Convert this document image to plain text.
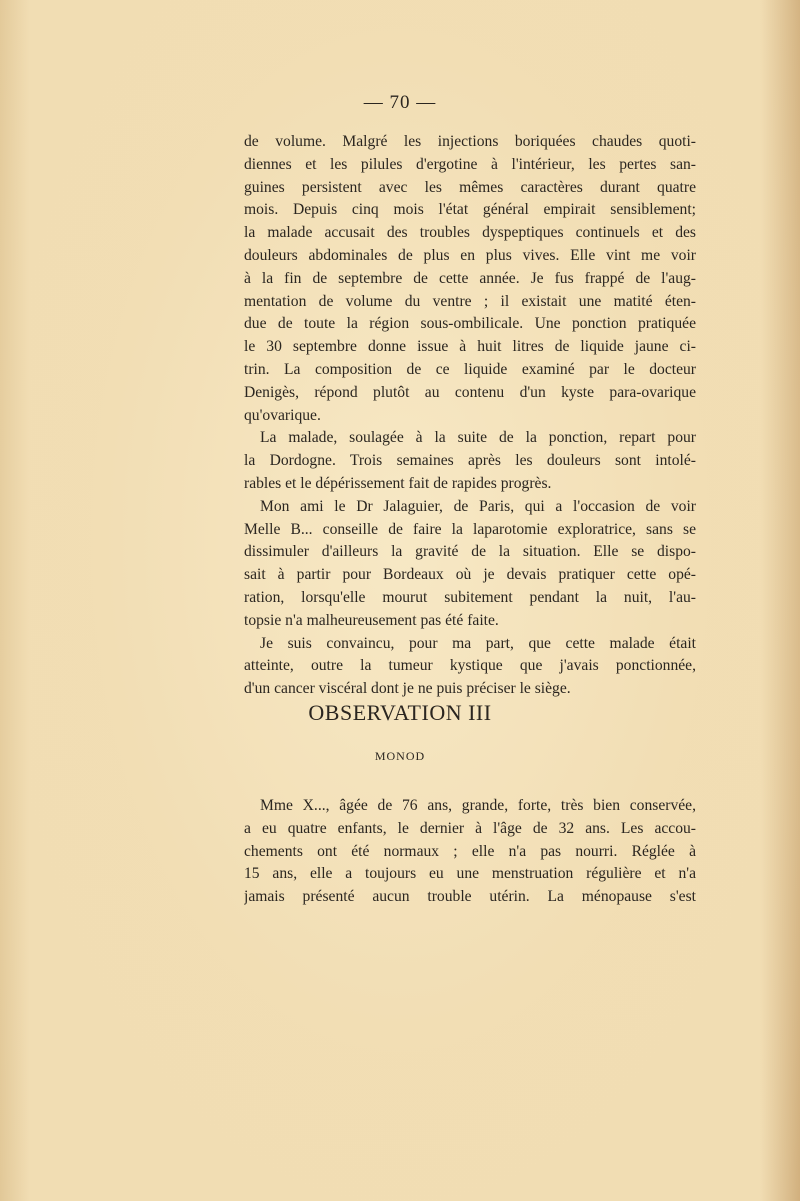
— 70 —
de volume. Malgré les injections boriquées chaudes quoti-
diennes et les pilules d'ergotine à l'intérieur, les pertes san-
guines persistent avec les mêmes caractères durant quatre
mois. Depuis cinq mois l'état général empirait sensiblement;
la malade accusait des troubles dyspeptiques continuels et des
douleurs abdominales de plus en plus vives. Elle vint me voir
à la fin de septembre de cette année. Je fus frappé de l'aug-
mentation de volume du ventre ; il existait une matité éten-
due de toute la région sous-ombilicale. Une ponction pratiquée
le 30 septembre donne issue à huit litres de liquide jaune ci-
trin. La composition de ce liquide examiné par le docteur
Denigès, répond plutôt au contenu d'un kyste para-ovarique
qu'ovarique.
La malade, soulagée à la suite de la ponction, repart pour
la Dordogne. Trois semaines après les douleurs sont intolé-
rables et le dépérissement fait de rapides progrès.
Mon ami le Dr Jalaguier, de Paris, qui a l'occasion de voir
Melle B... conseille de faire la laparotomie exploratrice, sans se
dissimuler d'ailleurs la gravité de la situation. Elle se dispo-
sait à partir pour Bordeaux où je devais pratiquer cette opé-
ration, lorsqu'elle mourut subitement pendant la nuit, l'au-
topsie n'a malheureusement pas été faite.
Je suis convaincu, pour ma part, que cette malade était
atteinte, outre la tumeur kystique que j'avais ponctionnée,
d'un cancer viscéral dont je ne puis préciser le siège.
OBSERVATION III
MONOD
Mme X..., âgée de 76 ans, grande, forte, très bien conservée,
a eu quatre enfants, le dernier à l'âge de 32 ans. Les accou-
chements ont été normaux ; elle n'a pas nourri. Réglée à
15 ans, elle a toujours eu une menstruation régulière et n'a
jamais présenté aucun trouble utérin. La ménopause s'est
